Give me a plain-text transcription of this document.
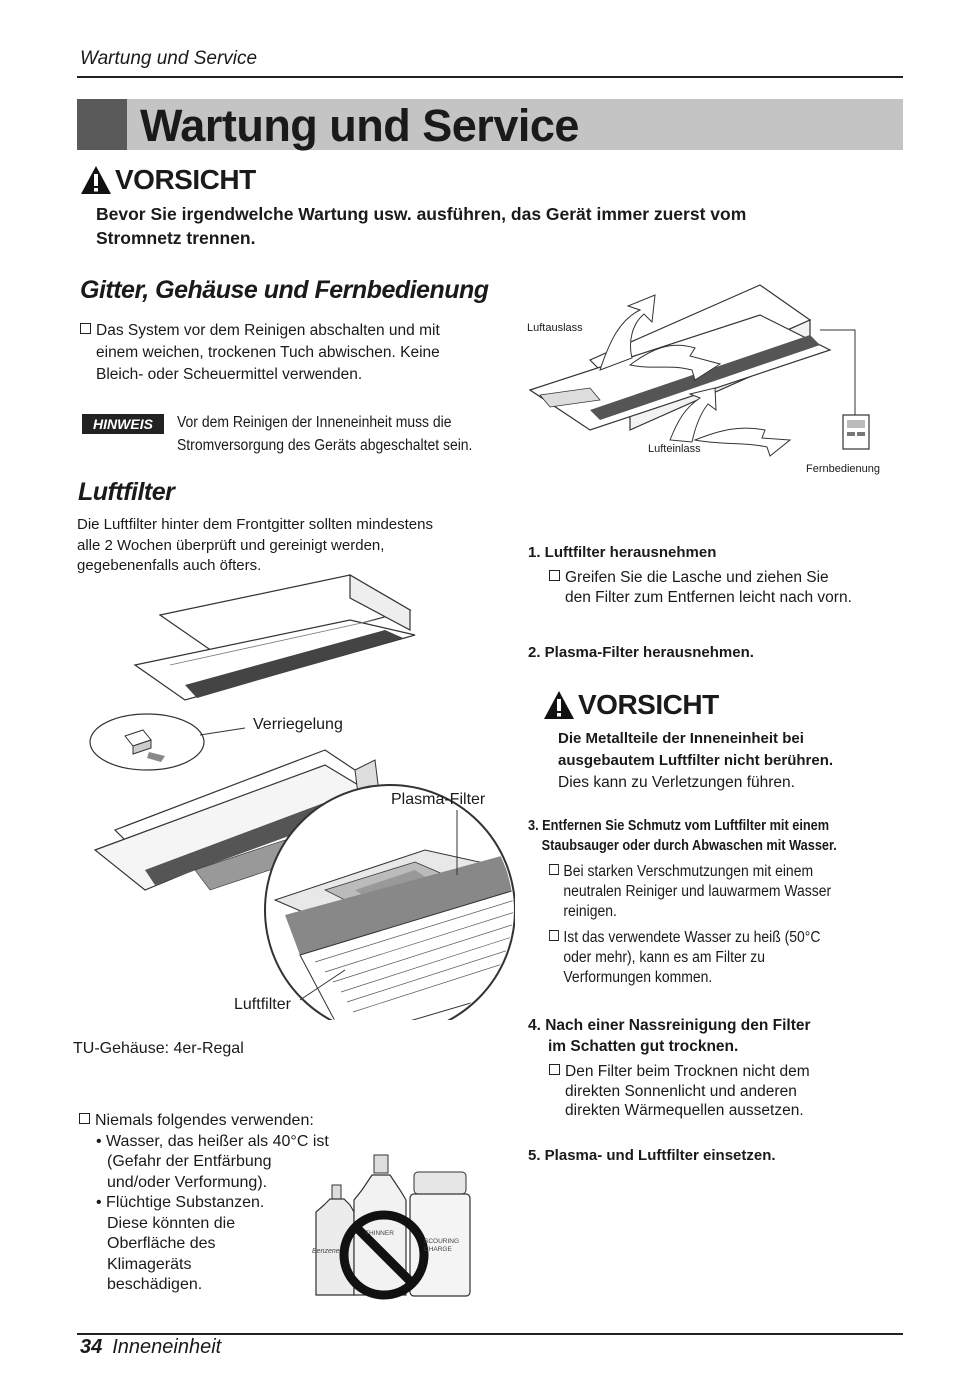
Wartung und Service
Wartung und Service
VORSICHT
Bevor Sie irgendwelche Wartung usw. ausführen, das Gerät immer zuerst vom
Stromnetz trennen.
Gitter, Gehäuse und Fernbedienung
Das System vor dem Reinigen abschalten und mit
einem weichen, trockenen Tuch abwischen. Keine
Bleich- oder Scheuermittel verwenden.
HINWEIS	Vor dem Reinigen der Inneneinheit muss die
Stromversorgung des Geräts abgeschaltet sein.
Luftauslass
Lufteinlass
Fernbedienung
Luftfilter
Die Luftfilter hinter dem Frontgitter sollten mindestens
alle 2 Wochen überprüft und gereinigt werden,
gegebenenfalls auch öfters.
Verriegelung
Plasma-Filter
Luftfilter
TU-Gehäuse: 4er-Regal
Niemals folgendes verwenden:
• Wasser, das heißer als 40°C ist
(Gefahr der Entfärbung
und/oder Verformung).
• Flüchtige Substanzen.
Diese könnten die
Oberfläche des
Klimageräts
beschädigen.
Benzene
THINNER
SCOURING CHARGE
1. Luftfilter herausnehmen
Greifen Sie die Lasche und ziehen Sie
den Filter zum Entfernen leicht nach vorn.
2. Plasma-Filter herausnehmen.
VORSICHT
Die Metallteile der Inneneinheit bei
ausgebautem Luftfilter nicht berühren.
Dies kann zu Verletzungen führen.
3. Entfernen Sie Schmutz vom Luftfilter mit einem
Staubsauger oder durch Abwaschen mit Wasser.
Bei starken Verschmutzungen mit einem
neutralen Reiniger und lauwarmem Wasser
reinigen.
Ist das verwendete Wasser zu heiß (50°C
oder mehr), kann es am Filter zu
Verformungen kommen.
4. Nach einer Nassreinigung den Filter
im Schatten gut trocknen.
Den Filter beim Trocknen nicht dem
direkten Sonnenlicht und anderen
direkten Wärmequellen aussetzen.
5. Plasma- und Luftfilter einsetzen.
34 Inneneinheit
